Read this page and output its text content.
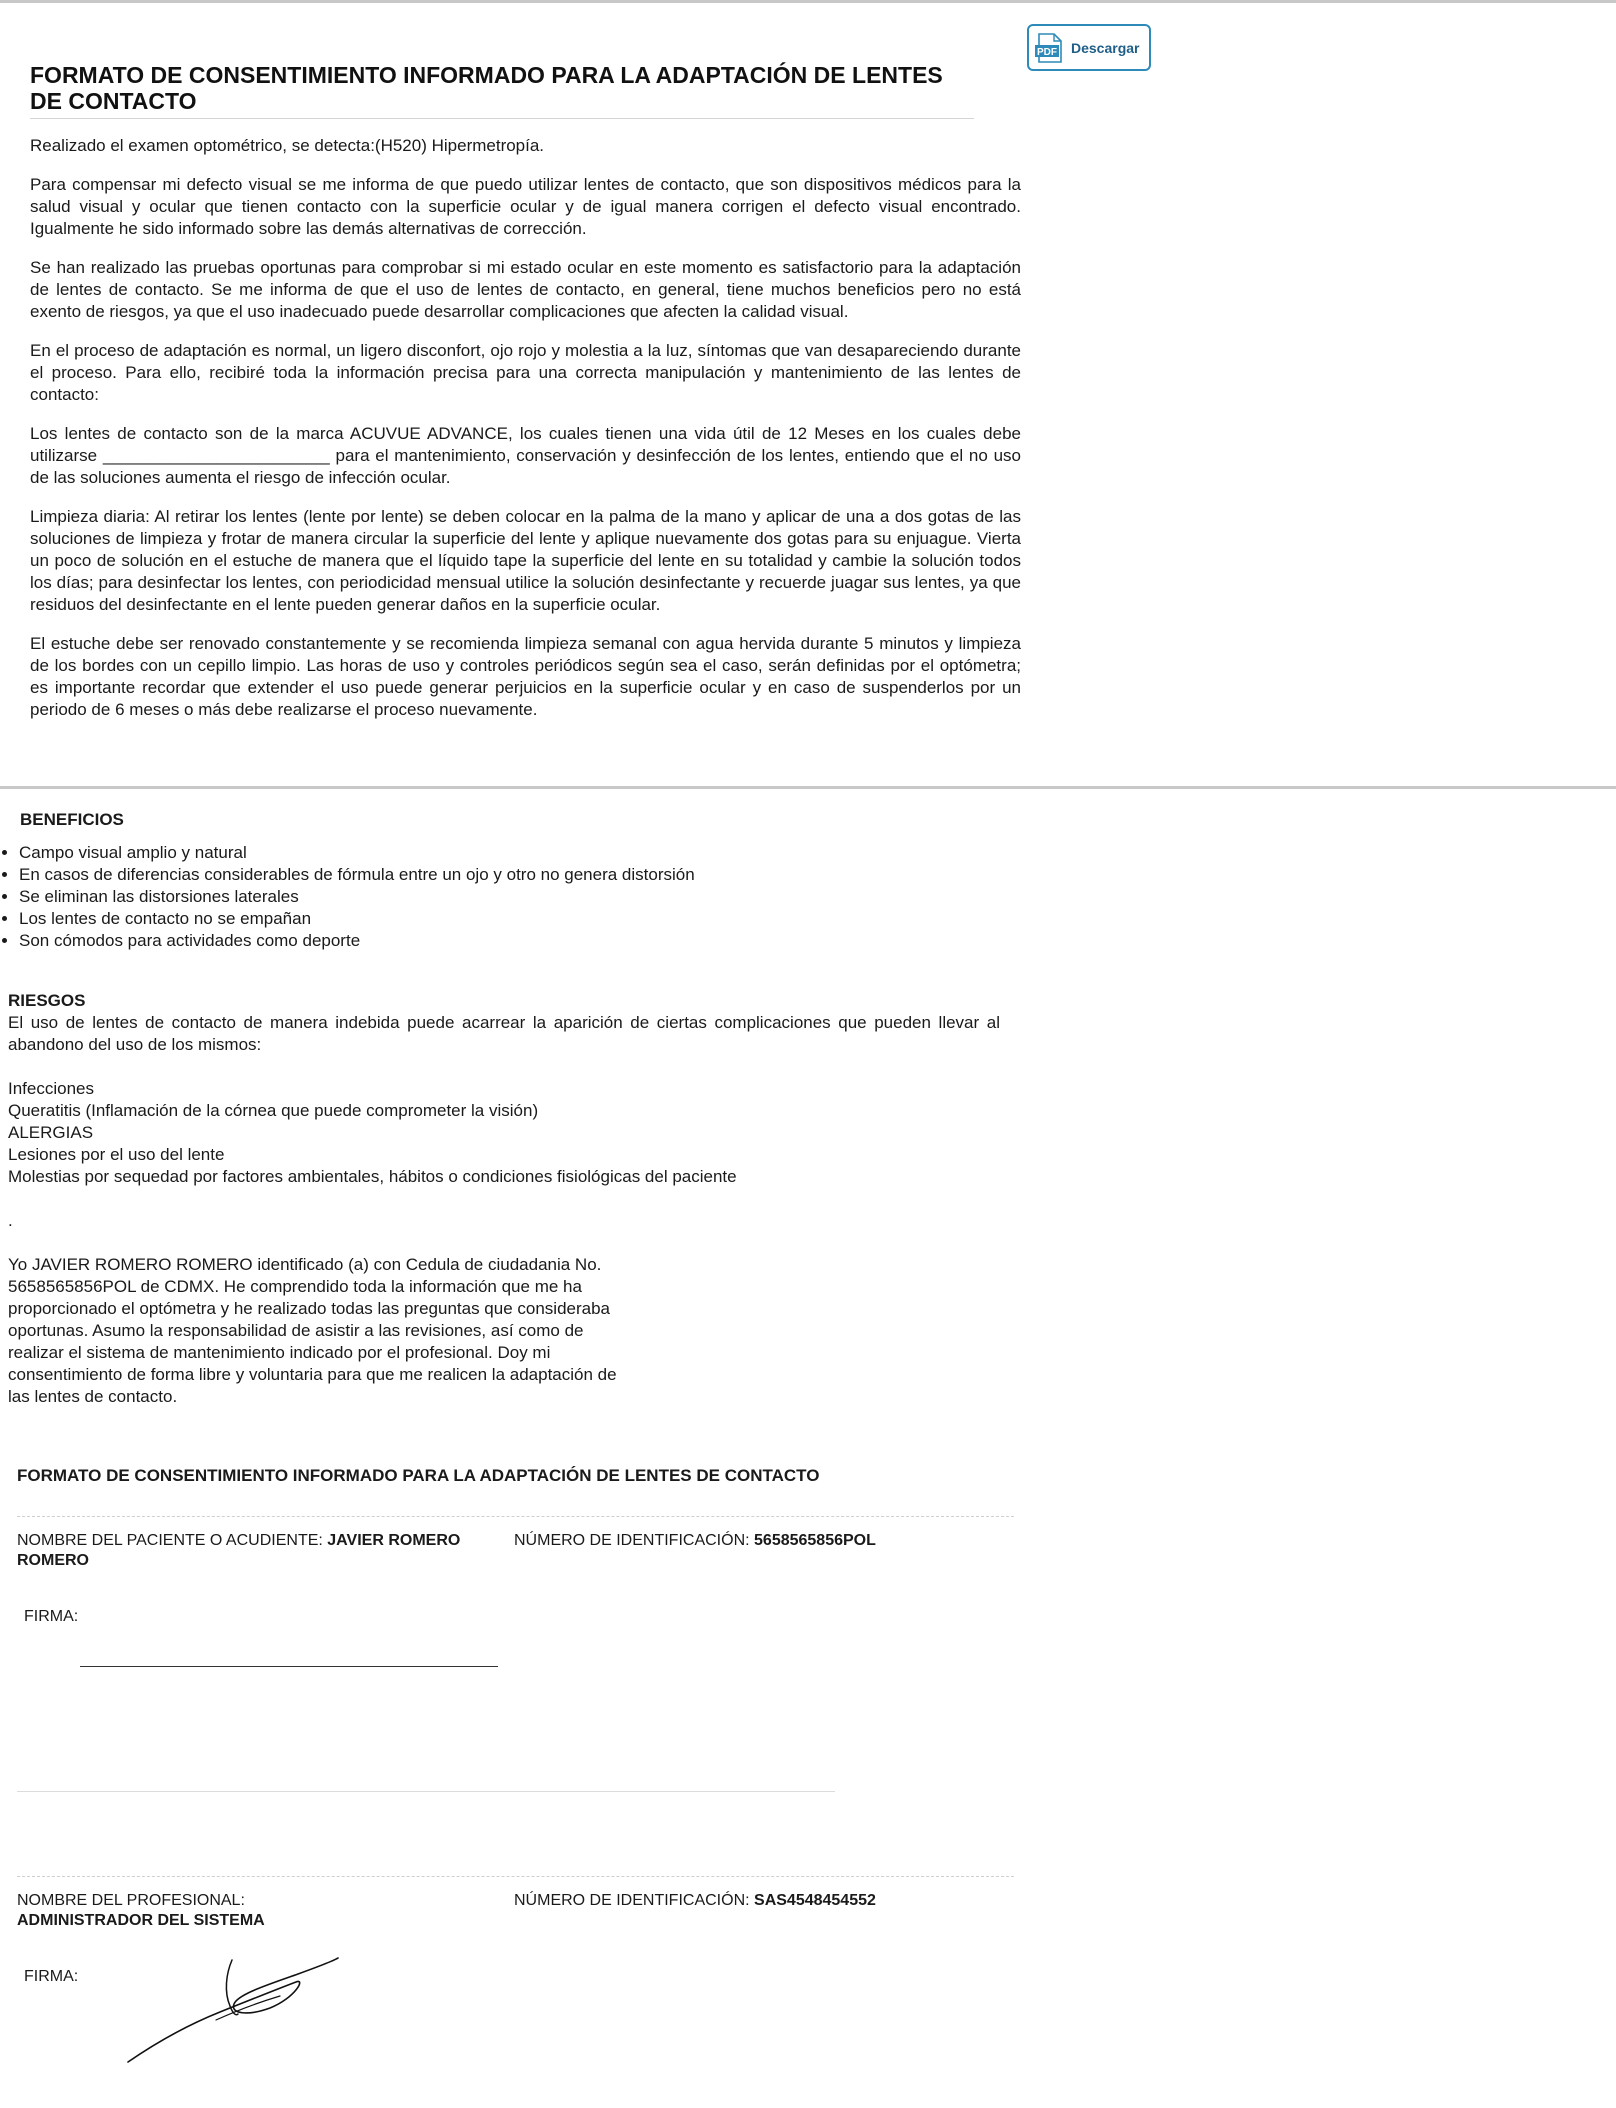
PDF Descargar
FORMATO DE CONSENTIMIENTO INFORMADO PARA LA ADAPTACIÓN DE LENTES DE CONTACTO

Realizado el examen optométrico, se detecta:(H520) Hipermetropía.

Para compensar mi defecto visual se me informa de que puedo utilizar lentes de contacto, que son dispositivos médicos para la salud visual y ocular que tienen contacto con la superficie ocular y de igual manera corrigen el defecto visual encontrado. Igualmente he sido informado sobre las demás alternativas de corrección.

Se han realizado las pruebas oportunas para comprobar si mi estado ocular en este momento es satisfactorio para la adaptación de lentes de contacto. Se me informa de que el uso de lentes de contacto, en general, tiene muchos beneficios pero no está exento de riesgos, ya que el uso inadecuado puede desarrollar complicaciones que afecten la calidad visual.

En el proceso de adaptación es normal, un ligero disconfort, ojo rojo y molestia a la luz, síntomas que van desapareciendo durante el proceso. Para ello, recibiré toda la información precisa para una correcta manipulación y mantenimiento de las lentes de contacto:

Los lentes de contacto son de la marca ACUVUE ADVANCE, los cuales tienen una vida útil de 12 Meses en los cuales debe utilizarse ________________________ para el mantenimiento, conservación y desinfección de los lentes, entiendo que el no uso de las soluciones aumenta el riesgo de infección ocular.

Limpieza diaria: Al retirar los lentes (lente por lente) se deben colocar en la palma de la mano y aplicar de una a dos gotas de las soluciones de limpieza y frotar de manera circular la superficie del lente y aplique nuevamente dos gotas para su enjuague. Vierta un poco de solución en el estuche de manera que el líquido tape la superficie del lente en su totalidad y cambie la solución todos los días; para desinfectar los lentes, con periodicidad mensual utilice la solución desinfectante y recuerde juagar sus lentes, ya que residuos del desinfectante en el lente pueden generar daños en la superficie ocular.

El estuche debe ser renovado constantemente y se recomienda limpieza semanal con agua hervida durante 5 minutos y limpieza de los bordes con un cepillo limpio. Las horas de uso y controles periódicos según sea el caso, serán definidas por el optómetra; es importante recordar que extender el uso puede generar perjuicios en la superficie ocular y en caso de suspenderlos por un periodo de 6 meses o más debe realizarse el proceso nuevamente.

BENEFICIOS
• Campo visual amplio y natural
• En casos de diferencias considerables de fórmula entre un ojo y otro no genera distorsión
• Se eliminan las distorsiones laterales
• Los lentes de contacto no se empañan
• Son cómodos para actividades como deporte
RIESGOS
El uso de lentes de contacto de manera indebida puede acarrear la aparición de ciertas complicaciones que pueden llevar al abandono del uso de los mismos:
Infecciones
Queratitis (Inflamación de la córnea que puede comprometer la visión)
ALERGIAS
Lesiones por el uso del lente
Molestias por sequedad por factores ambientales, hábitos o condiciones fisiológicas del paciente
.
Yo JAVIER ROMERO ROMERO identificado (a) con Cedula de ciudadania No. 5658565856POL de CDMX. He comprendido toda la información que me ha proporcionado el optómetra y he realizado todas las preguntas que consideraba oportunas. Asumo la responsabilidad de asistir a las revisiones, así como de realizar el sistema de mantenimiento indicado por el profesional. Doy mi consentimiento de forma libre y voluntaria para que me realicen la adaptación de las lentes de contacto.
FORMATO DE CONSENTIMIENTO INFORMADO PARA LA ADAPTACIÓN DE LENTES DE CONTACTO
NOMBRE DEL PACIENTE O ACUDIENTE: JAVIER ROMERO ROMERO
NÚMERO DE IDENTIFICACIÓN: 5658565856POL
FIRMA:
NOMBRE DEL PROFESIONAL:
ADMINISTRADOR DEL SISTEMA
NÚMERO DE IDENTIFICACIÓN: SAS4548454552
FIRMA:
